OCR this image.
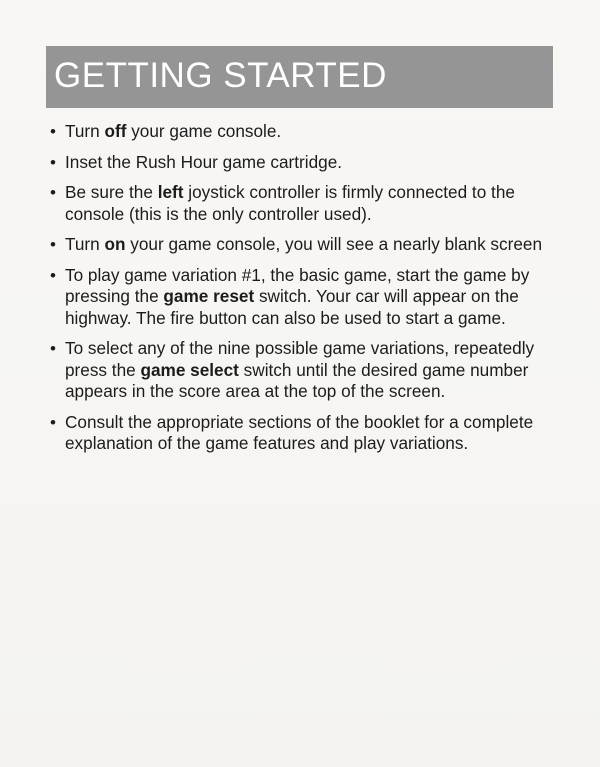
GETTING STARTED
• Turn off your game console.
• Inset the Rush Hour game cartridge.
• Be sure the left joystick controller is firmly connected to the console (this is the only controller used).
• Turn on your game console, you will see a nearly blank screen
• To play game variation #1, the basic game, start the game by pressing the game reset switch. Your car will appear on the highway. The fire button can also be used to start a game.
• To select any of the nine possible game variations, repeatedly press the game select switch until the desired game number appears in the score area at the top of the screen.
• Consult the appropriate sections of the booklet for a complete explanation of the game features and play variations.
